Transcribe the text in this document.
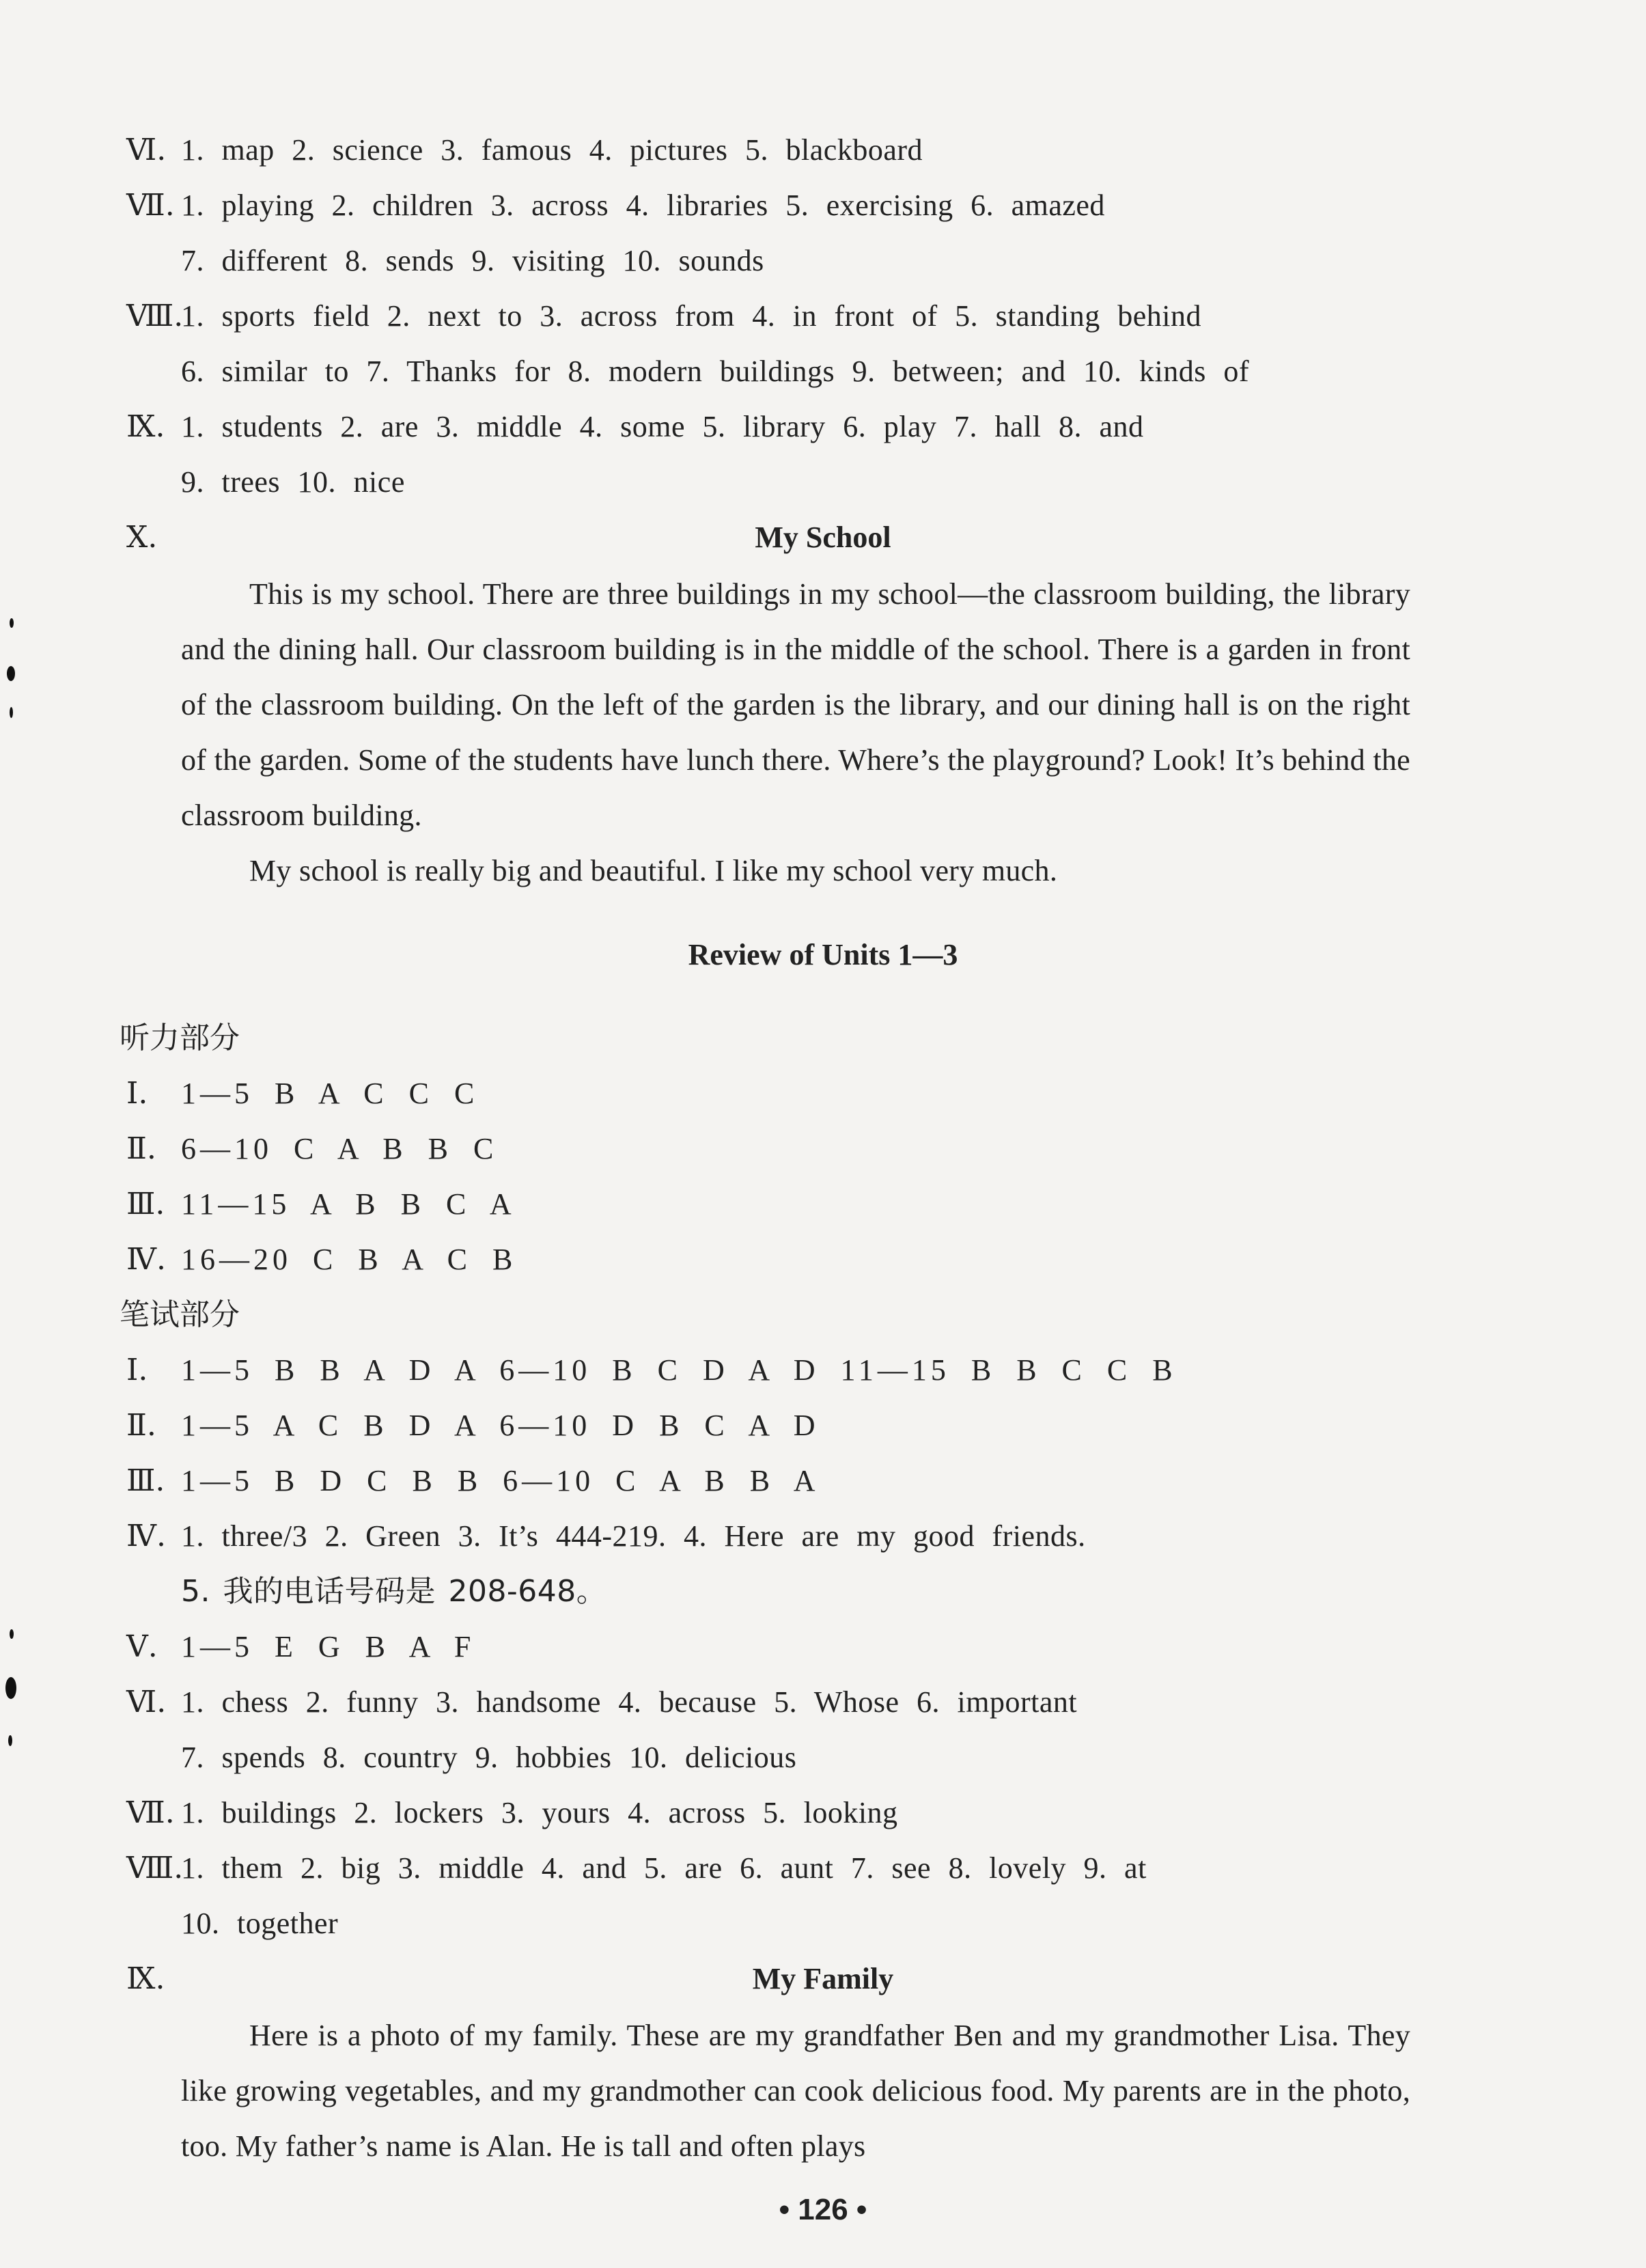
Ⅵ. 1. map 2. science 3. famous 4. pictures 5. blackboard
Ⅶ. 1. playing 2. children 3. across 4. libraries 5. exercising 6. amazed
7. different 8. sends 9. visiting 10. sounds
Ⅷ.
1. sports field 2. next to 3. across from 4. in front of 5. standing behind
6. similar to 7. Thanks for 8. modern buildings 9. between; and 10. kinds of
Ⅸ. 1. students 2. are 3. middle 4. some 5. library 6. play 7. hall 8. and
9. trees 10. nice
Ⅹ.	My School

This is my school. There are three buildings in my school—the classroom building, the library and the dining hall. Our classroom building is in the middle of the school. There is a garden in front of the classroom building. On the left of the garden is the library, and our dining hall is on the right of the garden. Some of the students have lunch there. Where’s the playground? Look! It’s behind the classroom building.

My school is really big and beautiful. I like my school very much.

Review of Units 1—3
听力部分
Ⅰ. 1—5 B A C C C
Ⅱ. 6—10 C A B B C
Ⅲ. 11—15 A B B C A
Ⅳ. 16—20 C B A C B
笔试部分
Ⅰ. 1—5 B B A D A 6—10 B C D A D 11—15 B B C C B
Ⅱ. 1—5 A C B D A 6—10 D B C A D
Ⅲ. 1—5 B D C B B 6—10 C A B B A
Ⅳ. 1. three/3 2. Green 3. It’s 444-219. 4. Here are my good friends.
5. 我的电话号码是 208-648。
Ⅴ. 1—5 E G B A F
Ⅵ. 1. chess 2. funny 3. handsome 4. because 5. Whose 6. important
7. spends 8. country 9. hobbies 10. delicious
Ⅶ. 1. buildings 2. lockers 3. yours 4. across 5. looking
Ⅷ.
1. them 2. big 3. middle 4. and 5. are 6. aunt 7. see 8. lovely 9. at
10. together
Ⅸ.	My Family

Here is a photo of my family. These are my grandfather Ben and my grandmother Lisa. They like growing vegetables, and my grandmother can cook delicious food. My parents are in the photo, too. My father’s name is Alan. He is tall and often plays

• 126 •
